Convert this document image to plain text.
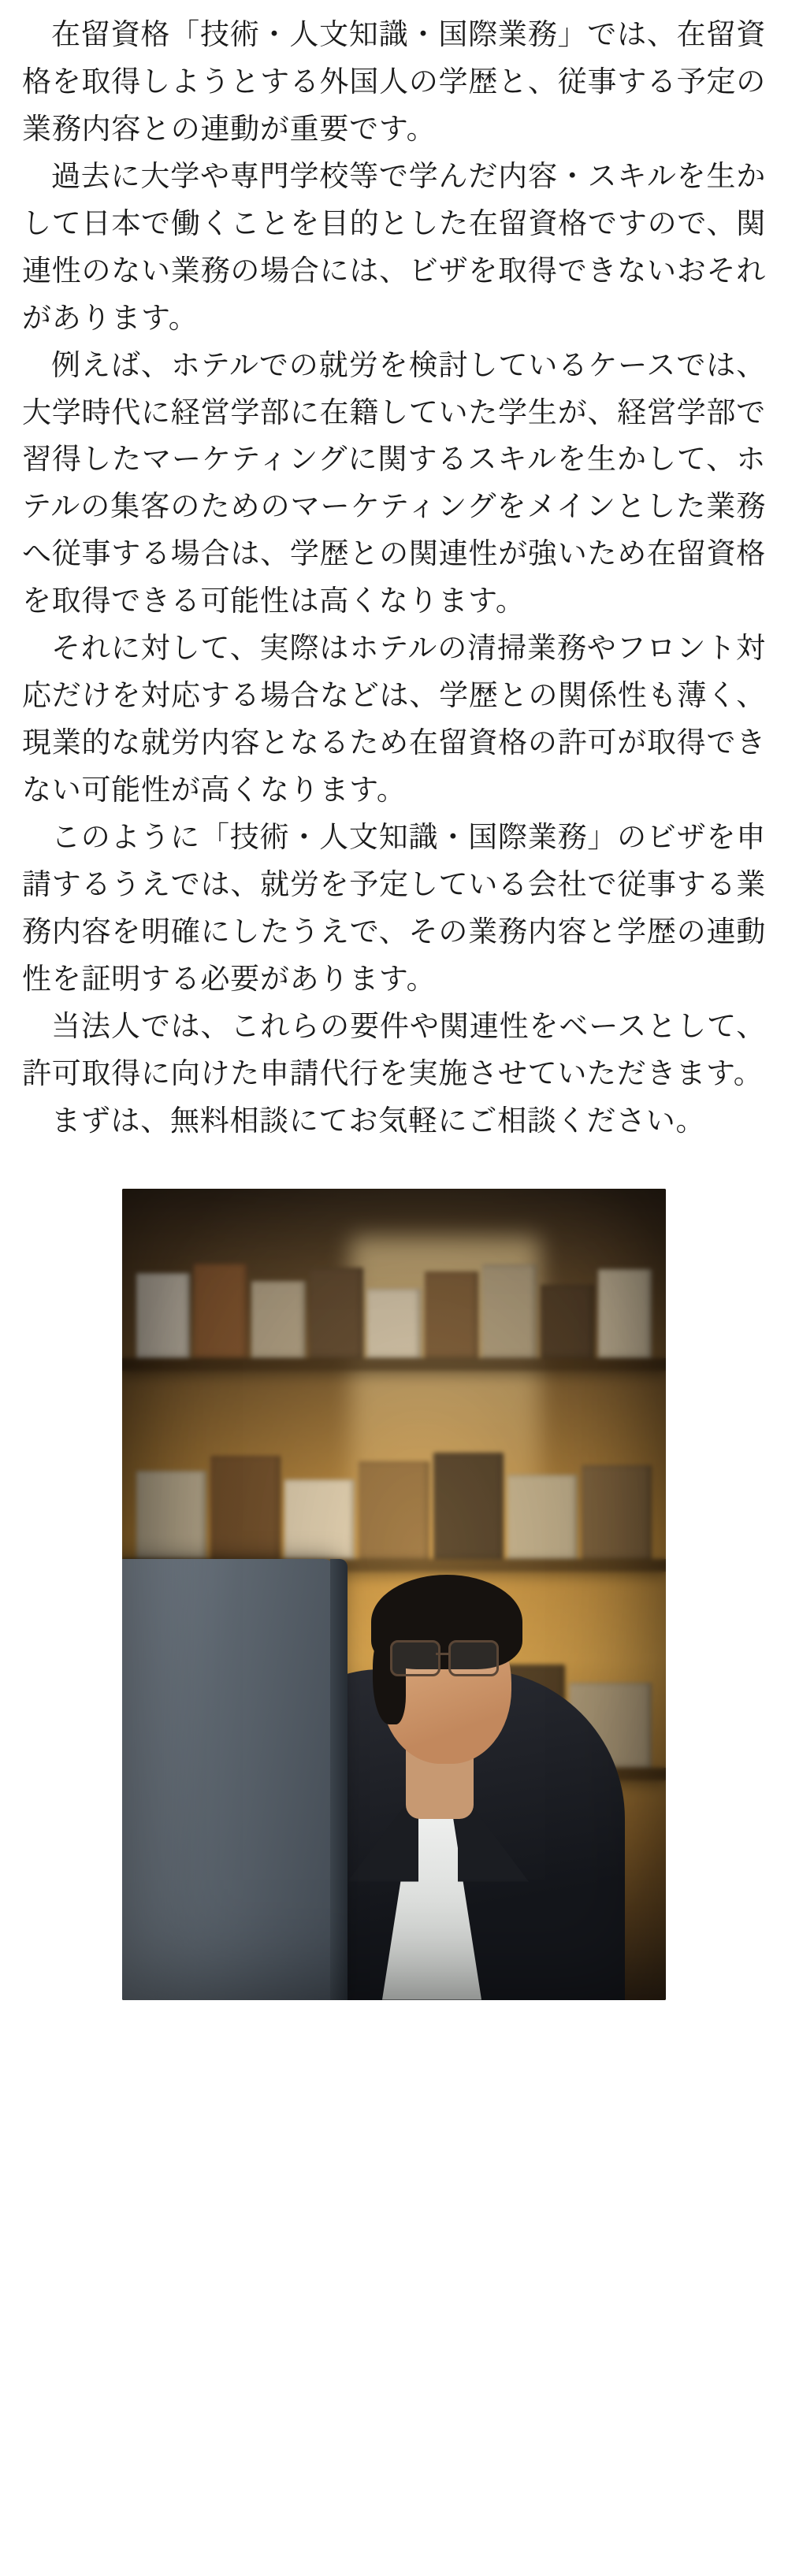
在留資格「技術・人文知識・国際業務」では、在留資格を取得しようとする外国人の学歴と、従事する予定の業務内容との連動が重要です。

過去に大学や専門学校等で学んだ内容・スキルを生かして日本で働くことを目的とした在留資格ですので、関連性のない業務の場合には、ビザを取得できないおそれがあります。

例えば、ホテルでの就労を検討しているケースでは、大学時代に経営学部に在籍していた学生が、経営学部で習得したマーケティングに関するスキルを生かして、ホテルの集客のためのマーケティングをメインとした業務へ従事する場合は、学歴との関連性が強いため在留資格を取得できる可能性は高くなります。

それに対して、実際はホテルの清掃業務やフロント対応だけを対応する場合などは、学歴との関係性も薄く、現業的な就労内容となるため在留資格の許可が取得できない可能性が高くなります。

このように「技術・人文知識・国際業務」のビザを申請するうえでは、就労を予定している会社で従事する業務内容を明確にしたうえで、その業務内容と学歴の連動性を証明する必要があります。

当法人では、これらの要件や関連性をベースとして、許可取得に向けた申請代行を実施させていただきます。

まずは、無料相談にてお気軽にご相談ください。
